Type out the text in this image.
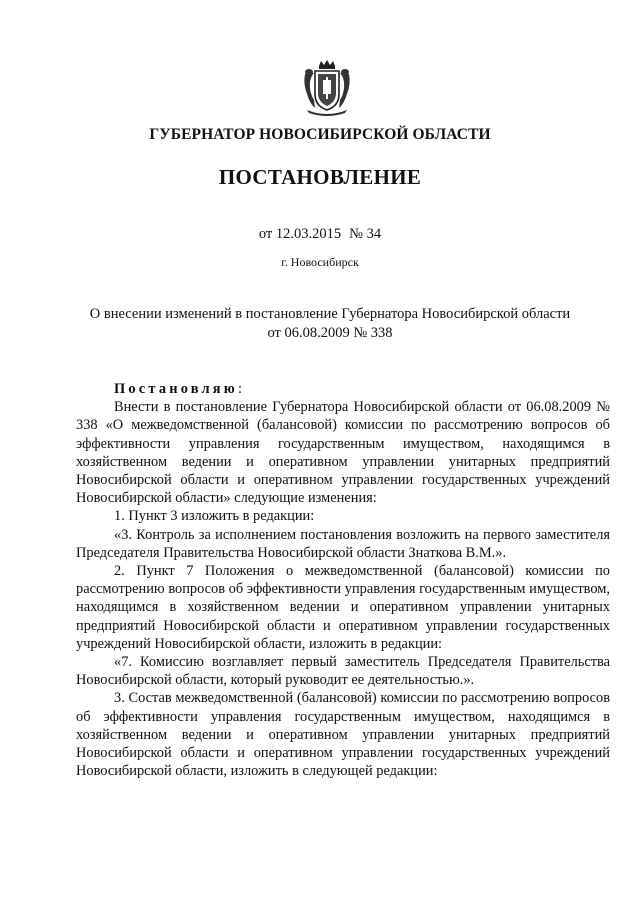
ГУБЕРНАТОР НОВОСИБИРСКОЙ ОБЛАСТИ
ПОСТАНОВЛЕНИЕ
от 12.03.2015 № 34
г. Новосибирск
О внесении изменений в постановление Губернатора Новосибирской области
от 06.08.2009 № 338

Постановляю:

Внести в постановление Губернатора Новосибирской области от 06.08.2009 № 338 «О межведомственной (балансовой) комиссии по рассмотрению вопросов об эффективности управления государственным имуществом, находящимся в хозяйственном ведении и оперативном управлении унитарных предприятий Новосибирской области и оперативном управлении государственных учреждений Новосибирской области» следующие изменения:

1. Пункт 3 изложить в редакции:

«3. Контроль за исполнением постановления возложить на первого заместителя Председателя Правительства Новосибирской области Знаткова В.М.».

2. Пункт 7 Положения о межведомственной (балансовой) комиссии по рассмотрению вопросов об эффективности управления государственным имуществом, находящимся в хозяйственном ведении и оперативном управлении унитарных предприятий Новосибирской области и оперативном управлении государственных учреждений Новосибирской области, изложить в редакции:

«7. Комиссию возглавляет первый заместитель Председателя Правительства Новосибирской области, который руководит ее деятельностью.».

3. Состав межведомственной (балансовой) комиссии по рассмотрению вопросов об эффективности управления государственным имуществом, находящимся в хозяйственном ведении и оперативном управлении унитарных предприятий Новосибирской области и оперативном управлении государственных учреждений Новосибирской области, изложить в следующей редакции:
